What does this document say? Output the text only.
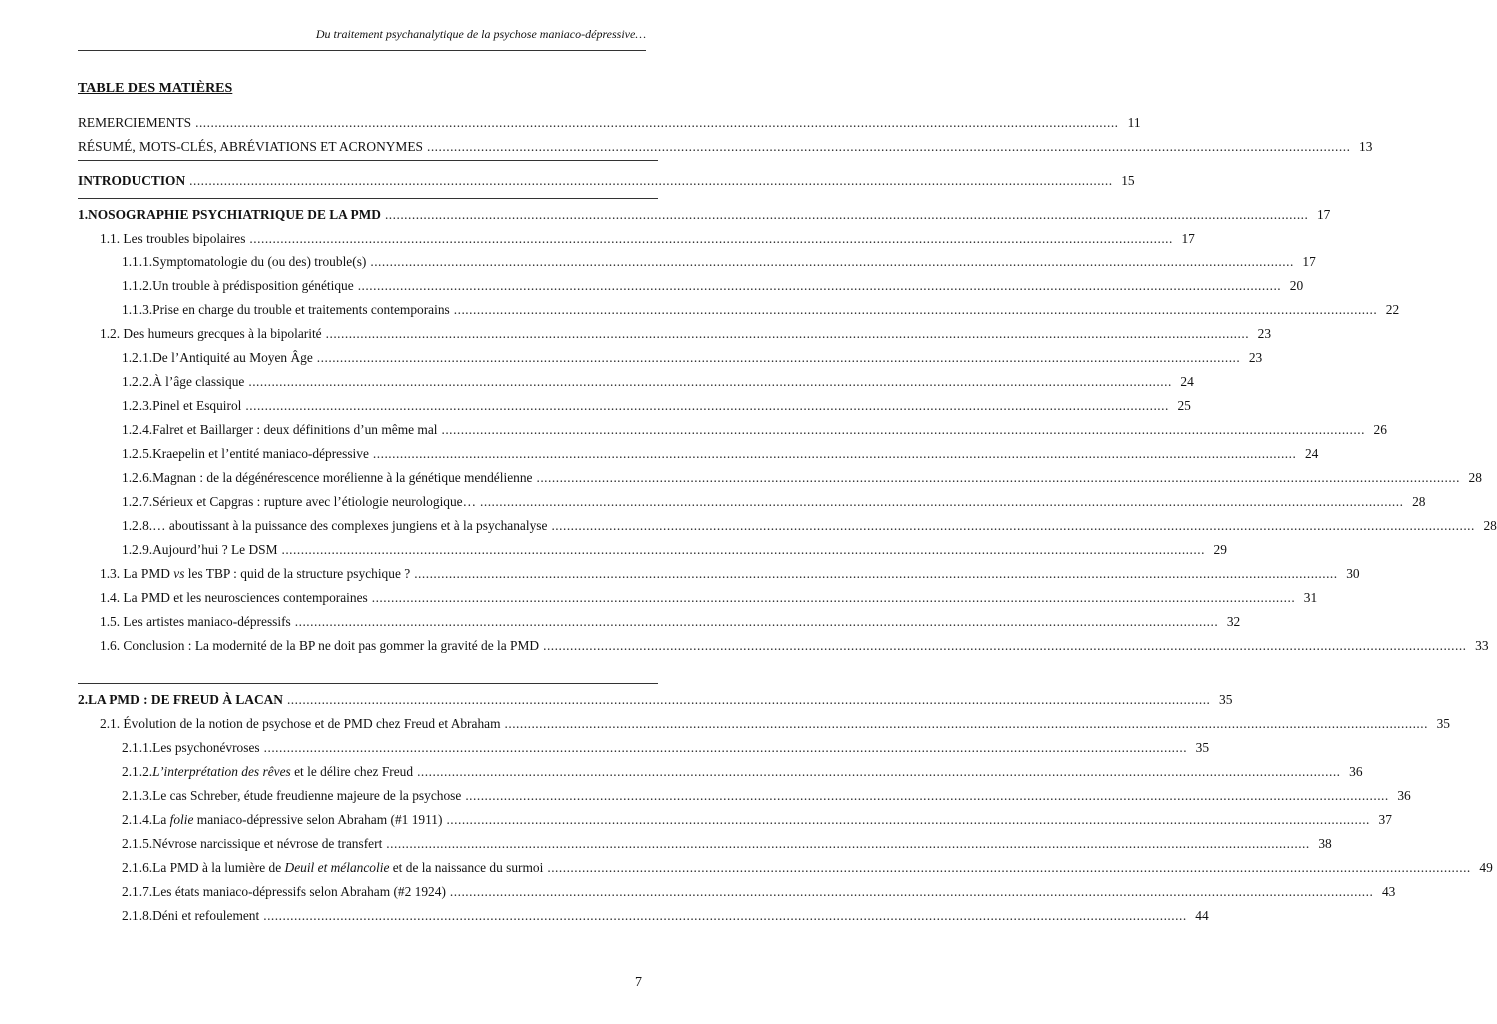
Du traitement psychanalytique de la psychose maniaco-dépressive…
TABLE DES MATIÈRES
REMERCIEMENTS .....	11
RÉSUMÉ, MOTS-CLÉS, ABRÉVIATIONS ET ACRONYMES .....	13
INTRODUCTION .....	15
1. NOSOGRAPHIE PSYCHIATRIQUE DE LA PMD .....	17
1.1. Les troubles bipolaires .....	17
1.1.1. Symptomatologie du (ou des) trouble(s) .....	17
1.1.2. Un trouble à prédisposition génétique .....	20
1.1.3. Prise en charge du trouble et traitements contemporains .....	22
1.2. Des humeurs grecques à la bipolarité .....	23
1.2.1. De l’Antiquité au Moyen Âge .....	23
1.2.2. À l’âge classique .....	24
1.2.3. Pinel et Esquirol .....	25
1.2.4. Falret et Baillarger : deux définitions d’un même mal .....	26
1.2.5. Kraepelin et l’entité maniaco-dépressive .....	24
1.2.6. Magnan : de la dégénérescence morélienne à la génétique mendélienne .....	28
1.2.7. Sérieux et Capgras : rupture avec l’étiologie neurologique… .....	28
1.2.8. … aboutissant à la puissance des complexes jungiens et à la psychanalyse .....	28
1.2.9. Aujourd’hui ? Le DSM .....	29
1.3. La PMD vs les TBP : quid de la structure psychique ? .....	30
1.4. La PMD et les neurosciences contemporaines .....	31
1.5. Les artistes maniaco-dépressifs .....	32
1.6. Conclusion : La modernité de la BP ne doit pas gommer la gravité de la PMD .....	33
2. LA PMD : DE FREUD À LACAN .....	35
2.1. Évolution de la notion de psychose et de PMD chez Freud et Abraham .....	35
2.1.1. Les psychonévroses .....	35
2.1.2. L’interprétation des rêves et le délire chez Freud .....	36
2.1.3. Le cas Schreber, étude freudienne majeure de la psychose .....	36
2.1.4. La folie maniaco-dépressive selon Abraham (#1 1911) .....	37
2.1.5. Névrose narcissique et névrose de transfert .....	38
2.1.6. La PMD à la lumière de Deuil et mélancolie et de la naissance du surmoi .....	49
2.1.7. Les états maniaco-dépressifs selon Abraham (#2 1924) .....	43
2.1.8. Déni et refoulement .....	44
7
